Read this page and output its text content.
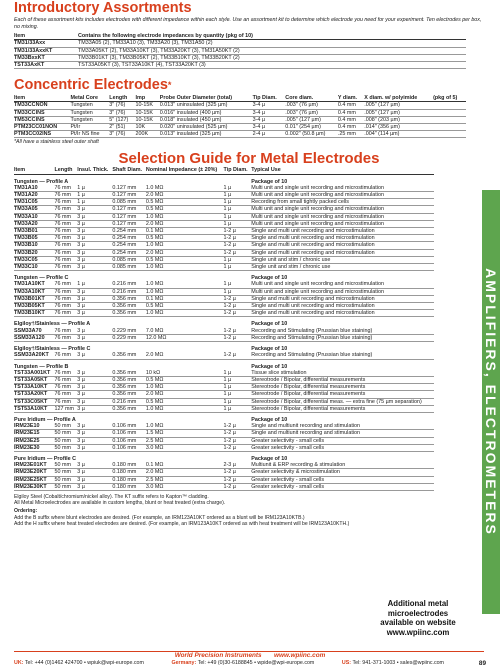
Introductory Assortments
Each of these assortment kits includes electrodes with different impedance within each style. Use an assortment kit to determine which electrode you need for your experiment. Ten electrodes per box, no mixing.
Item	Contains the following electrode impedances by quantity (pkg of 10)
TM31/33Axx	TM33A05 (2), TM33A10 (3), TM33A20 (3), TM31A50 (2)
TM31/33AxxKT	TM33A05KT (2), TM33A10KT (3), TM33A20KT (3), TM31A50KT (2)
TM33BxxKT	TM33B01KT (3), TM33B05KT (2), TM33B10KT (3), TM33B20KT (2)
TST33AxKT	TST33A05KT (3), TST33A10KT (4), TST33A20KT (3)
Concentric Electrodes*
Item	Metal Core	Length	Imp	Probe Outer Diameter (total)	Tip Diam.	Core diam.	Y diam.	X diam. w/ polyimide	(pkg of 5)
TM33CCNON	Tungsten	3" (76)	10-15K	0.013" uninsulated (325 µm)	3-4 µ	.003" (76 µm)	0.4 mm	.005" (127 µm)	
TM33CCINS	Tungsten	3" (76)	10-15K	0.016" insulated (400 µm)	3-4 µ	.003" (76 µm)	0.4 mm	.005" (127 µm)	
TM53CCINS	Tungsten	5" (127)	10-15K	0.018" insulated (450 µm)	3-4 µ	.005" (127 µm)	0.4 mm	.008" (203 µm)	
PTM23CC01NON	Pt/Ir	2" (51)	10K	0.020" uninsulated (525 µm)	3-4 µ	0.01" (254 µm)	0.4 mm	.014" (356 µm)	
PTM3CC02INS	Pt/Ir NS fine	3" (76)	200K	0.013" insulated (325 µm)	2-4 µ	0.002" (50.8 µm)	.25 mm	.004" (114 µm)	
*All have a stainless steel outer shaft
Selection Guide for Metal Electrodes
Item	Length	Insul. Thick.	Shaft Diam.	Nominal Impedance (± 20%)	Tip Diam.	Typical Use
Tungsten — Profile A						Package of 10
TM31A10	76 mm	1 µ	0.127 mm	1.0 MΩ	1 µ	Multi unit and single unit recording and microstimulation
TM31A20	76 mm	1 µ	0.127 mm	2.0 MΩ	1 µ	Multi unit and single unit recording and microstimulation
TM31C05	76 mm	1 µ	0.085 mm	0.5 MΩ	1 µ	Recording from small tightly packed cells
TM33A05	76 mm	3 µ	0.127 mm	0.5 MΩ	1 µ	Multi unit and single unit recording and microstimulation
TM33A10	76 mm	3 µ	0.127 mm	1.0 MΩ	1 µ	Multi unit and single unit recording and microstimulation
TM33A20	76 mm	3 µ	0.127 mm	2.0 MΩ	1 µ	Multi unit and single unit recording and microstimulation
TM33B01	76 mm	3 µ	0.254 mm	0.1 MΩ	1-2 µ	Single and multi unit recording and microstimulation
TM33B05	76 mm	3 µ	0.254 mm	0.5 MΩ	1-2 µ	Single and multi unit recording and microstimulation
TM33B10	76 mm	3 µ	0.254 mm	1.0 MΩ	1-2 µ	Single and multi unit recording and microstimulation
TM33B20	76 mm	3 µ	0.254 mm	2.0 MΩ	1-2 µ	Single and multi unit recording and microstimulation
TM33C05	76 mm	3 µ	0.085 mm	0.5 MΩ	1 µ	Single unit and stim / chronic use
TM33C10	76 mm	3 µ	0.085 mm	1.0 MΩ	1 µ	Single unit and stim / chronic use
Tungsten — Profile C						Package of 10
TM31A10KT	76 mm	1 µ	0.216 mm	1.0 MΩ	1 µ	Multi unit and single unit recording and microstimulation
TM33A10KT	76 mm	3 µ	0.216 mm	1.0 MΩ	1 µ	Multi unit and single unit recording and microstimulation
TM33B01KT	76 mm	3 µ	0.356 mm	0.1 MΩ	1-2 µ	Single and multi unit recording and microstimulation
TM33B05KT	76 mm	3 µ	0.356 mm	0.5 MΩ	1-2 µ	Single and multi unit recording and microstimulation
TM33B10KT	76 mm	3 µ	0.356 mm	1.0 MΩ	1-2 µ	Single and multi unit recording and microstimulation
Elgiloy†/Stainless — Profile A						Package of 10
SSM33A70	76 mm	3 µ	0.229 mm	7.0 MΩ	1-2 µ	Recording and Stimulating (Prussian blue staining)
SSM33A120	76 mm	3 µ	0.229 mm	12.0 MΩ	1-2 µ	Recording and Stimulating (Prussian blue staining)
Elgiloy†/Stainless — Profile C						Package of 10
SSM33A20KT	76 mm	3 µ	0.356 mm	2.0 MΩ	1-2 µ	Recording and Stimulating (Prussian blue staining)
Tungsten — Profile B						Package of 10
TST33A001KT	76 mm	3 µ	0.356 mm	10 kΩ	1 µ	Tissue slice stimulation
TST33A05KT	76 mm	3 µ	0.356 mm	0.5 MΩ	1 µ	Stereotrode / Bipolar, differential measurements
TST33A10KT	76 mm	3 µ	0.356 mm	1.0 MΩ	1 µ	Stereotrode / Bipolar, differential measurements
TST33A20KT	76 mm	3 µ	0.356 mm	2.0 MΩ	1 µ	Stereotrode / Bipolar, differential measurements
TST33C05KT	76 mm	3 µ	0.216 mm	0.5 MΩ	1 µ	Stereotrode / Bipolar, differential meas. — extra fine (75 µm separation)
TST53A10KT	127 mm	3 µ	0.356 mm	1.0 MΩ	1 µ	Stereotrode / Bipolar, differential measurements
Pure Iridium — Profile A						Package of 10
IRM23E10	50 mm	3 µ	0.106 mm	1.0 MΩ	1-2 µ	Single and multiunit recording and stimulation
IRM23E15	50 mm	3 µ	0.106 mm	1.5 MΩ	1-2 µ	Single and multiunit recording and stimulation
IRM23E25	50 mm	3 µ	0.106 mm	2.5 MΩ	1-2 µ	Greater selectivity - small cells
IRM23E30	50 mm	3 µ	0.106 mm	3.0 MΩ	1-2 µ	Greater selectivity - small cells
Pure Iridium — Profile C						Package of 10
IRM23E01KT	50 mm	3 µ	0.180 mm	0.1 MΩ	2-3 µ	Multiunit & ERP recording & stimulation
IRM23E20KT	50 mm	3 µ	0.180 mm	2.0 MΩ	1-2 µ	Greater selectivity & microstimulation
IRM23E25KT	50 mm	3 µ	0.180 mm	2.5 MΩ	1-2 µ	Greater selectivity - small cells
IRM23E30KT	50 mm	3 µ	0.180 mm	3.0 MΩ	1-2 µ	Greater selectivity - small cells
Elgiloy Steel (Cobalt/chromium/nickel alloy). The KT suffix refers to Kapton™ cladding.
All Metal Microelectrodes are available in custom lengths, blunt or heat treated (extra charge).
Ordering:
Add the B suffix where blunt electrodes are desired. (For example, an IRM123A10KT ordered as a blunt will be IRM123A10KTB.)
Add the H suffix where heat treated electrodes are desired. (For example, an IRM123A10KT ordered as with heat treatment will be IRM123A10KTH.)	AMPLIFIERS, ELECTROMETERS
Additional metal
microelectrodes
available on website
www.wpiinc.com
World Precision Instruments www.wpiinc.com
UK: Tel: +44 (0)1462 424700 • wpiuk@wpi-europe.com	Germany: Tel: +49 (0)30-6188845 • wpide@wpi-europe.com	US: Tel: 941-371-1003 • sales@wpiinc.com	89
